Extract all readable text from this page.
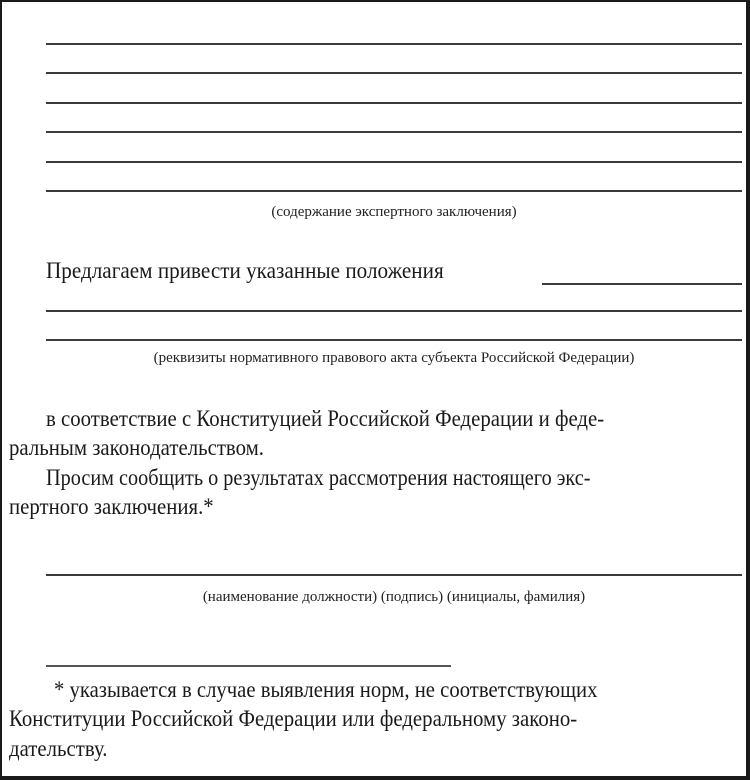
(содержание экспертного заключения)
Предлагаем привести указанные положения
(реквизиты нормативного правового акта субъекта Российской Федерации)
в соответствие с Конституцией Российской Федерации и феде-
ральным законодательством.
Просим сообщить о результатах рассмотрения настоящего экс-
пертного заключения.*
(наименование должности) (подпись) (инициалы, фамилия)
* указывается в случае выявления норм, не соответствующих
Конституции Российской Федерации или федеральному законо-
дательству.
